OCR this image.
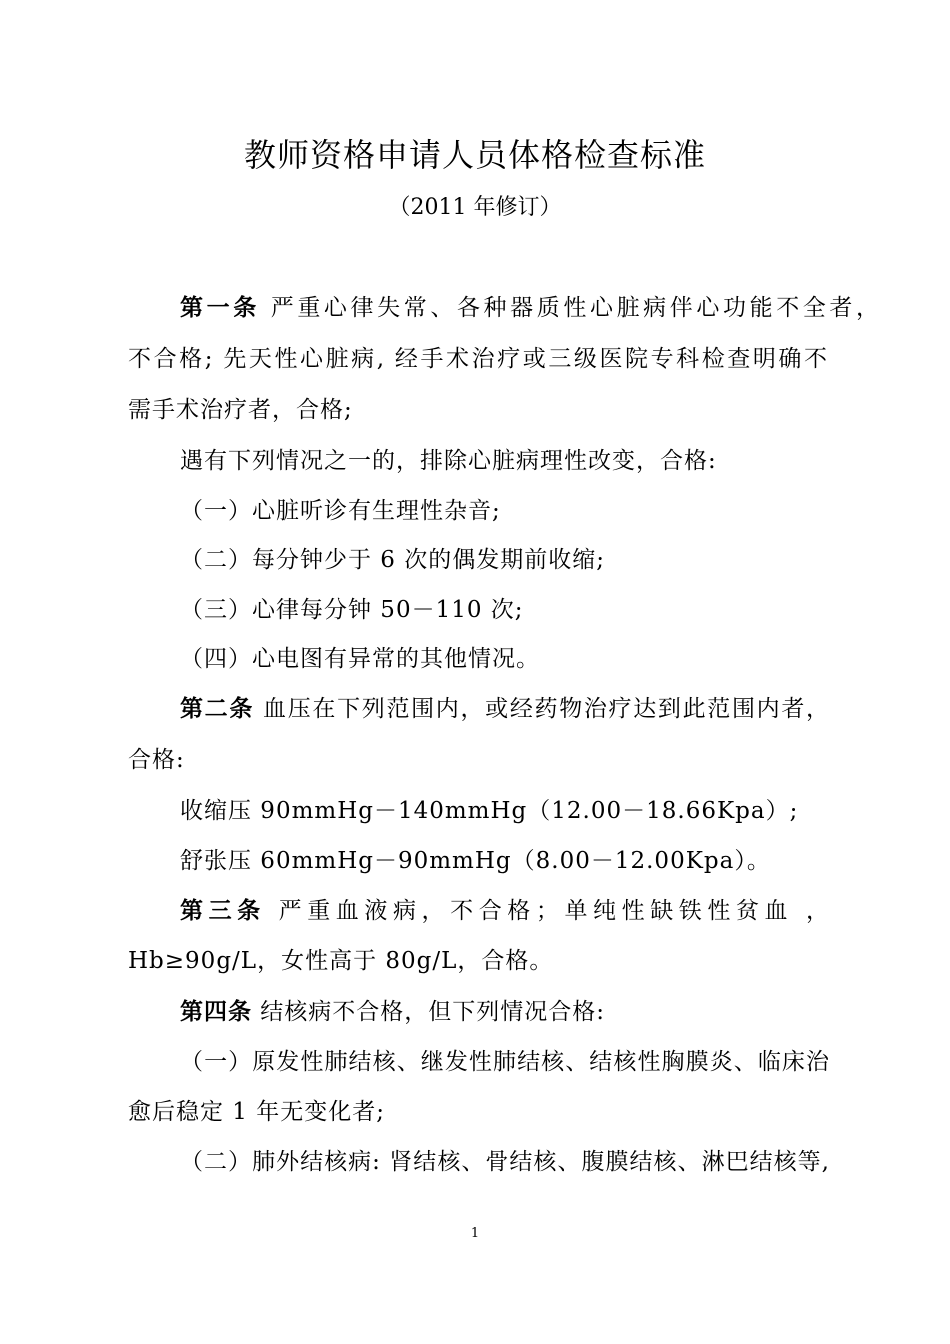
教师资格申请人员体格检查标准
（2011 年修订）
第一条 严重心律失常、各种器质性心脏病伴心功能不全者，
不合格; 先天性心脏病, 经手术治疗或三级医院专科检查明确不
需手术治疗者，合格;
遇有下列情况之一的，排除心脏病理性改变，合格:
（一）心脏听诊有生理性杂音;
（二）每分钟少于 6 次的偶发期前收缩;
（三）心律每分钟 50－110 次;
（四）心电图有异常的其他情况。
第二条 血压在下列范围内，或经药物治疗达到此范围内者，
合格:
收缩压 90mmHg－140mmHg（12.00－18.66Kpa）;
舒张压 60mmHg－90mmHg（8.00－12.00Kpa）。
第三条 严重血液病，不合格；单纯性缺铁性贫血 ，
Hb≥90g/L，女性高于 80g/L，合格。
第四条 结核病不合格，但下列情况合格:
（一）原发性肺结核、继发性肺结核、结核性胸膜炎、临床治
愈后稳定 1 年无变化者;
（二）肺外结核病: 肾结核、骨结核、腹膜结核、淋巴结核等,
1
